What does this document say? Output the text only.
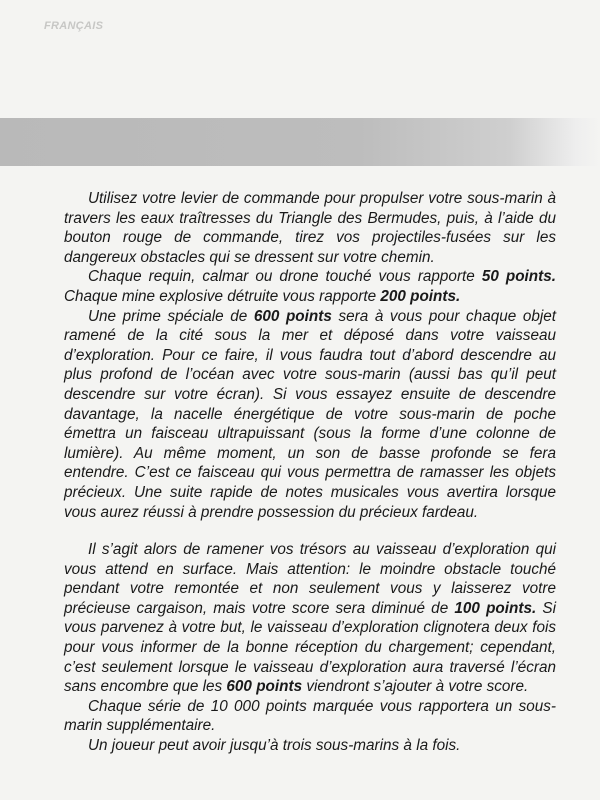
FRANÇAIS

Utilisez votre levier de commande pour propulser votre sous-marin à travers les eaux traîtresses du Triangle des Bermudes, puis, à l’aide du bouton rouge de commande, tirez vos projectiles-fusées sur les dangereux obstacles qui se dressent sur votre chemin.

Chaque requin, calmar ou drone touché vous rapporte 50 points. Chaque mine explosive détruite vous rapporte 200 points.

Une prime spéciale de 600 points sera à vous pour chaque objet ramené de la cité sous la mer et déposé dans votre vaisseau d’exploration. Pour ce faire, il vous faudra tout d’abord descendre au plus profond de l’océan avec votre sous-marin (aussi bas qu’il peut descendre sur votre écran). Si vous essayez ensuite de descendre davantage, la nacelle énergétique de votre sous-marin de poche émettra un faisceau ultrapuissant (sous la forme d’une colonne de lumière). Au même moment, un son de basse profonde se fera entendre. C’est ce faisceau qui vous permettra de ramasser les objets précieux. Une suite rapide de notes musicales vous avertira lorsque vous aurez réussi à prendre possession du précieux fardeau.

Il s’agit alors de ramener vos trésors au vaisseau d’exploration qui vous attend en surface. Mais attention: le moindre obstacle touché pendant votre remontée et non seulement vous y laisserez votre précieuse cargaison, mais votre score sera diminué de 100 points. Si vous parvenez à votre but, le vaisseau d’exploration clignotera deux fois pour vous informer de la bonne réception du chargement; cependant, c’est seulement lorsque le vaisseau d’exploration aura traversé l’écran sans encombre que les 600 points viendront s’ajouter à votre score.

Chaque série de 10 000 points marquée vous rapportera un sous-marin supplémentaire.

Un joueur peut avoir jusqu’à trois sous-marins à la fois.
